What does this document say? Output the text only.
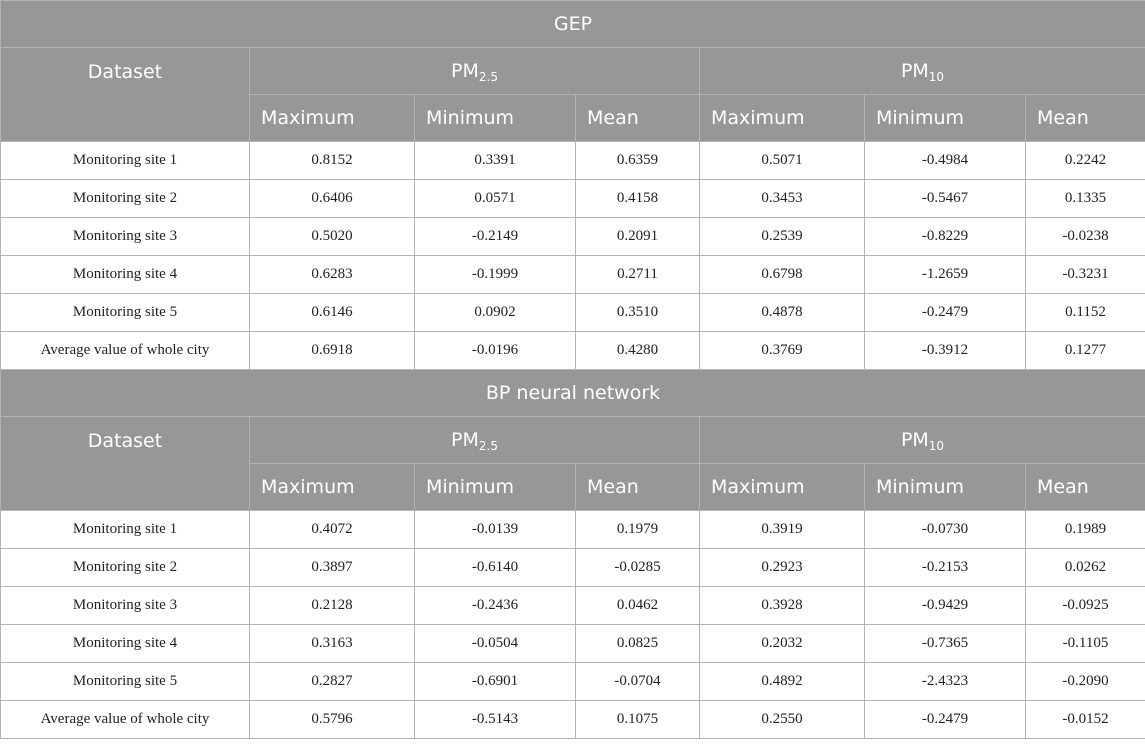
GEP						
Dataset	$PM_{2.5}$			$PM_{10}$
	Maximum	Minimum	Mean	Maximum	Minimum	Mean
Monitoring site 1	0.8152	0.3391	0.6359	0.5071	-0.4984	0.2242
Monitoring site 2	0.6406	0.0571	0.4158	0.3453	-0.5467	0.1335
Monitoring site 3	0.5020	-0.2149	0.2091	0.2539	-0.8229	-0.0238
Monitoring site 4	0.6283	-0.1999	0.2711	0.6798	-1.2659	-0.3231
Monitoring site 5	0.6146	0.0902	0.3510	0.4878	-0.2479	0.1152
Average value of whole city	0.6918	-0.0196	0.4280	0.3769	-0.3912	0.1277
BP neural network						
Dataset	$PM_{2.5}$			$PM_{10}$
	Maximum	Minimum	Mean	Maximum	Minimum	Mean
Monitoring site 1	0.4072	-0.0139	0.1979	0.3919	-0.0730	0.1989
Monitoring site 2	0.3897	-0.6140	-0.0285	0.2923	-0.2153	0.0262
Monitoring site 3	0.2128	-0.2436	0.0462	0.3928	-0.9429	-0.0925
Monitoring site 4	0.3163	-0.0504	0.0825	0.2032	-0.7365	-0.1105
Monitoring site 5	0.2827	-0.6901	-0.0704	0.4892	-2.4323	-0.2090
Average value of whole city	0.5796	-0.5143	0.1075	0.2550	-0.2479	-0.0152
